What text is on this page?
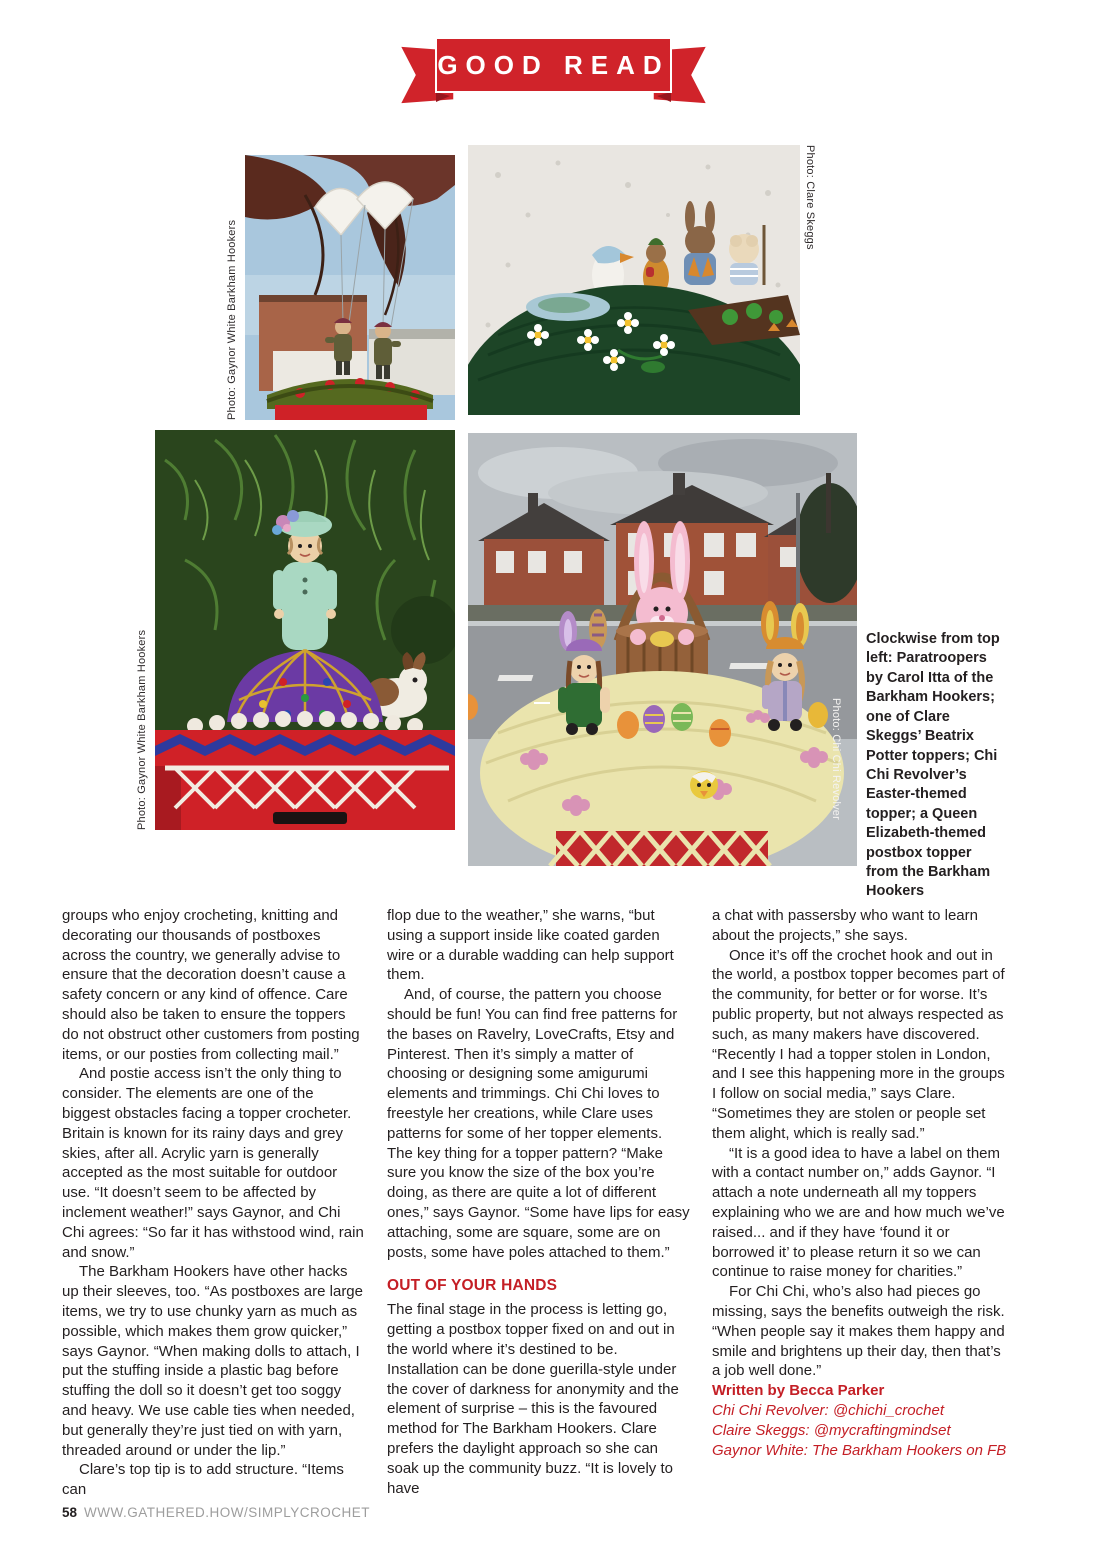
GOOD READ
Photo: Gaynor White Barkham Hookers
Photo: Clare Skeggs
Photo: Gaynor White Barkham Hookers	Photo: Chi Chi Revolver
Clockwise from top left: Paratroopers by Carol Itta of the Barkham Hookers; one of Clare Skeggs’ Beatrix Potter toppers; Chi Chi Revolver’s Easter-themed topper; a Queen Elizabeth-themed postbox topper from the Barkham Hookers

groups who enjoy crocheting, knitting and decorating our thousands of postboxes across the country, we generally advise to ensure that the decoration doesn’t cause a safety concern or any kind of offence. Care should also be taken to ensure the toppers do not obstruct other customers from posting items, or our posties from collecting mail.”

And postie access isn’t the only thing to consider. The elements are one of the biggest obstacles facing a topper crocheter. Britain is known for its rainy days and grey skies, after all. Acrylic yarn is generally accepted as the most suitable for outdoor use. “It doesn’t seem to be affected by inclement weather!” says Gaynor, and Chi Chi agrees: “So far it has withstood wind, rain and snow.”

The Barkham Hookers have other hacks up their sleeves, too. “As postboxes are large items, we try to use chunky yarn as much as possible, which makes them grow quicker,” says Gaynor. “When making dolls to attach, I put the stuffing inside a plastic bag before stuffing the doll so it doesn’t get too soggy and heavy. We use cable ties when needed, but generally they’re just tied on with yarn, threaded around or under the lip.”

Clare’s top tip is to add structure. “Items can

flop due to the weather,” she warns, “but using a support inside like coated garden wire or a durable wadding can help support them.

And, of course, the pattern you choose should be fun! You can find free patterns for the bases on Ravelry, LoveCrafts, Etsy and Pinterest. Then it’s simply a matter of choosing or designing some amigurumi elements and trimmings. Chi Chi loves to freestyle her creations, while Clare uses patterns for some of her topper elements. The key thing for a topper pattern? “Make sure you know the size of the box you’re doing, as there are quite a lot of different ones,” says Gaynor. “Some have lips for easy attaching, some are square, some are on posts, some have poles attached to them.”

OUT OF YOUR HANDS

The final stage in the process is letting go, getting a postbox topper fixed on and out in the world where it’s destined to be. Installation can be done guerilla-style under the cover of darkness for anonymity and the element of surprise – this is the favoured method for The Barkham Hookers. Clare prefers the daylight approach so she can soak up the community buzz. “It is lovely to have

a chat with passersby who want to learn about the projects,” she says.

Once it’s off the crochet hook and out in the world, a postbox topper becomes part of the community, for better or for worse. It’s public property, but not always respected as such, as many makers have discovered. “Recently I had a topper stolen in London, and I see this happening more in the groups I follow on social media,” says Clare. “Sometimes they are stolen or people set them alight, which is really sad.”

“It is a good idea to have a label on them with a contact number on,” adds Gaynor. “I attach a note underneath all my toppers explaining who we are and how much we’ve raised... and if they have ‘found it or borrowed it’ to please return it so we can continue to raise money for charities.”

For Chi Chi, who’s also had pieces go missing, says the benefits outweigh the risk. “When people say it makes them happy and smile and brightens up their day, then that’s a job well done.”

Written by Becca Parker

Chi Chi Revolver: @chichi_crochet

Claire Skeggs: @mycraftingmindset

Gaynor White: The Barkham Hookers on FB

58 WWW.GATHERED.HOW/SIMPLYCROCHET
